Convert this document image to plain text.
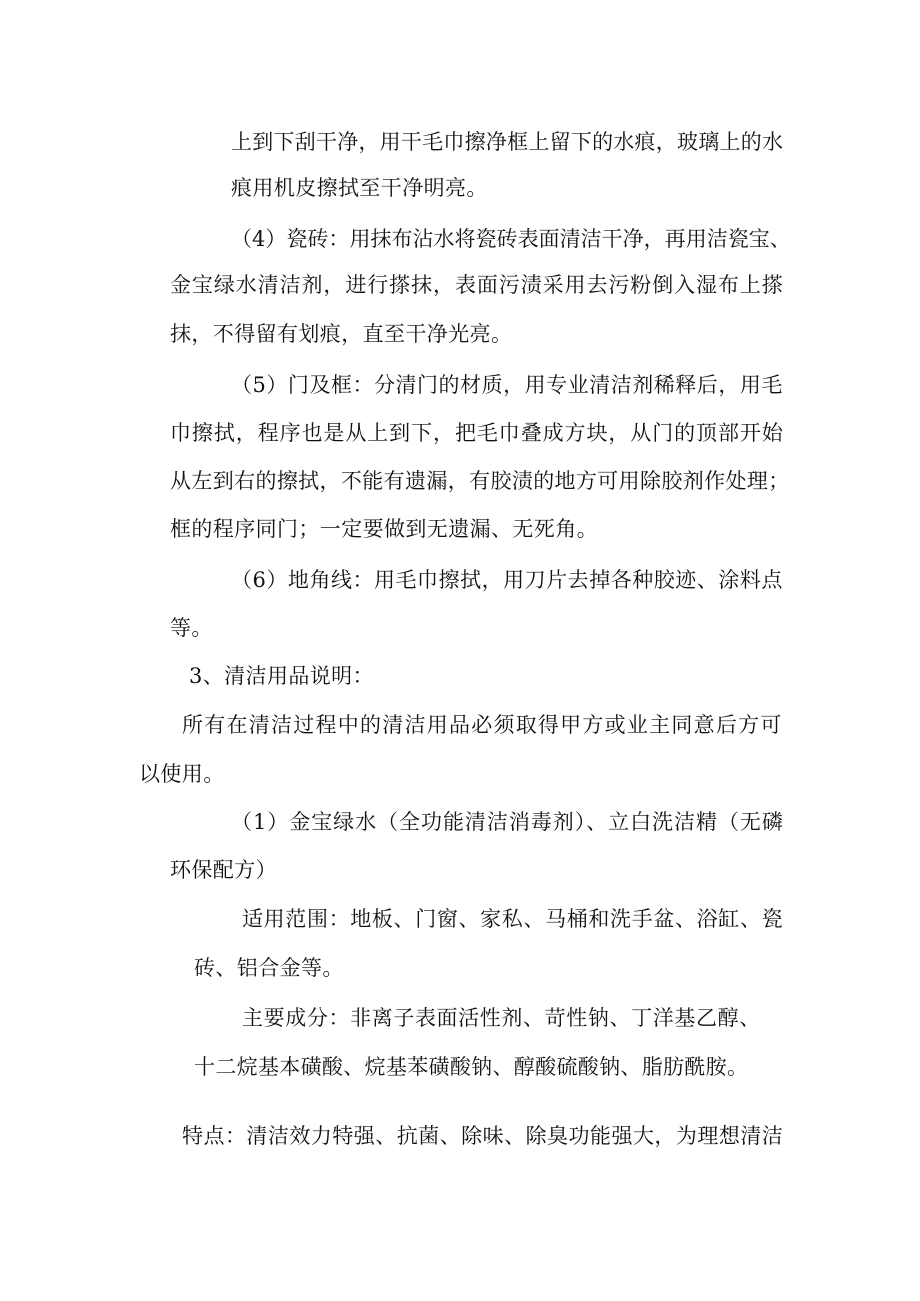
上到下刮干净，用干毛巾擦净框上留下的水痕，玻璃上的水
痕用机皮擦拭至干净明亮。
（4）瓷砖：用抹布沾水将瓷砖表面清洁干净，再用洁瓷宝、
金宝绿水清洁剂，进行搽抹，表面污渍采用去污粉倒入湿布上搽
抹，不得留有划痕，直至干净光亮。
（5）门及框：分清门的材质，用专业清洁剂稀释后，用毛
巾擦拭，程序也是从上到下，把毛巾叠成方块，从门的顶部开始
从左到右的擦拭，不能有遗漏，有胶渍的地方可用除胶剂作处理；
框的程序同门；一定要做到无遗漏、无死角。
（6）地角线：用毛巾擦拭，用刀片去掉各种胶迹、涂料点
等。
3、清洁用品说明：
所有在清洁过程中的清洁用品必须取得甲方或业主同意后方可
以使用。
（1）金宝绿水（全功能清洁消毒剂）、立白洗洁精（无磷
环保配方）
适用范围：地板、门窗、家私、马桶和洗手盆、浴缸、瓷
砖、铝合金等。
主要成分：非离子表面活性剂、苛性钠、丁洋基乙醇、
十二烷基本磺酸、烷基苯磺酸钠、醇酸硫酸钠、脂肪酰胺。
特点：清洁效力特强、抗菌、除味、除臭功能强大，为理想清洁
